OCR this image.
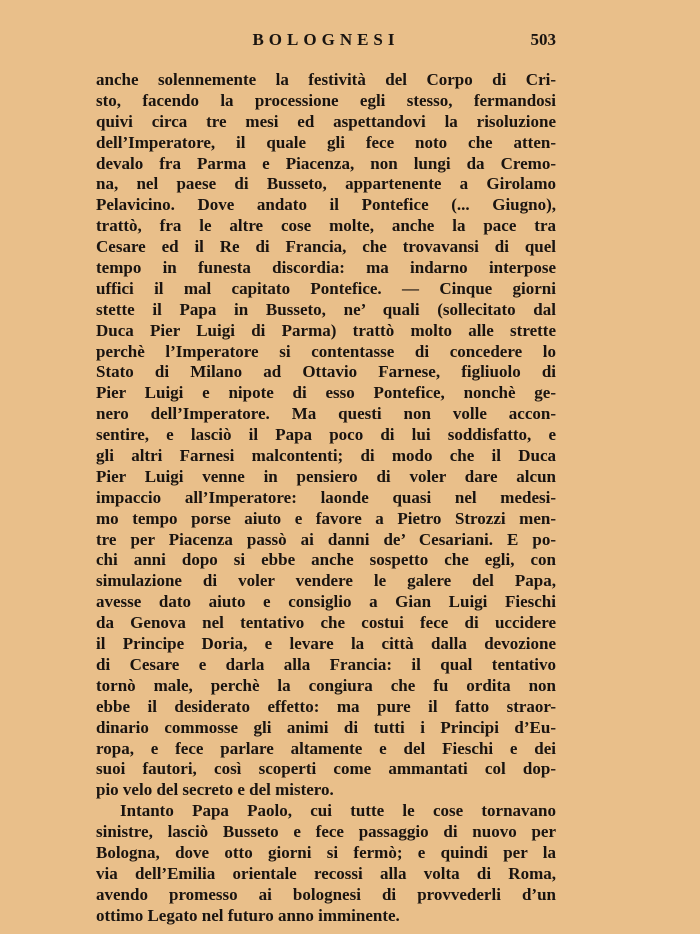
BOLOGNESI	503
anche solennemente la festività del Corpo di Cri-
sto, facendo la processione egli stesso, fermandosi
quivi circa tre mesi ed aspettandovi la risoluzione
dell’Imperatore, il quale gli fece noto che atten-
devalo fra Parma e Piacenza, non lungi da Cremo-
na, nel paese di Busseto, appartenente a Girolamo
Pelavicino. Dove andato il Pontefice (... Giugno),
trattò, fra le altre cose molte, anche la pace tra
Cesare ed il Re di Francia, che trovavansi di quel
tempo in funesta discordia: ma indarno interpose
uffici il mal capitato Pontefice. — Cinque giorni
stette il Papa in Busseto, ne’ quali (sollecitato dal
Duca Pier Luigi di Parma) trattò molto alle strette
perchè l’Imperatore si contentasse di concedere lo
Stato di Milano ad Ottavio Farnese, figliuolo di
Pier Luigi e nipote di esso Pontefice, nonchè ge-
nero dell’Imperatore. Ma questi non volle accon-
sentire, e lasciò il Papa poco di lui soddisfatto, e
gli altri Farnesi malcontenti; di modo che il Duca
Pier Luigi venne in pensiero di voler dare alcun
impaccio all’Imperatore: laonde quasi nel medesi-
mo tempo porse aiuto e favore a Pietro Strozzi men-
tre per Piacenza passò ai danni de’ Cesariani. E po-
chi anni dopo si ebbe anche sospetto che egli, con
simulazione di voler vendere le galere del Papa,
avesse dato aiuto e consiglio a Gian Luigi Fieschi
da Genova nel tentativo che costui fece di uccidere
il Principe Doria, e levare la città dalla devozione
di Cesare e darla alla Francia: il qual tentativo
tornò male, perchè la congiura che fu ordita non
ebbe il desiderato effetto: ma pure il fatto straor-
dinario commosse gli animi di tutti i Principi d’Eu-
ropa, e fece parlare altamente e del Fieschi e dei
suoi fautori, così scoperti come ammantati col dop-
pio velo del secreto e del mistero.
Intanto Papa Paolo, cui tutte le cose tornavano
sinistre, lasciò Busseto e fece passaggio di nuovo per
Bologna, dove otto giorni si fermò; e quindi per la
via dell’Emilia orientale recossi alla volta di Roma,
avendo promesso ai bolognesi di provvederli d’un
ottimo Legato nel futuro anno imminente.
